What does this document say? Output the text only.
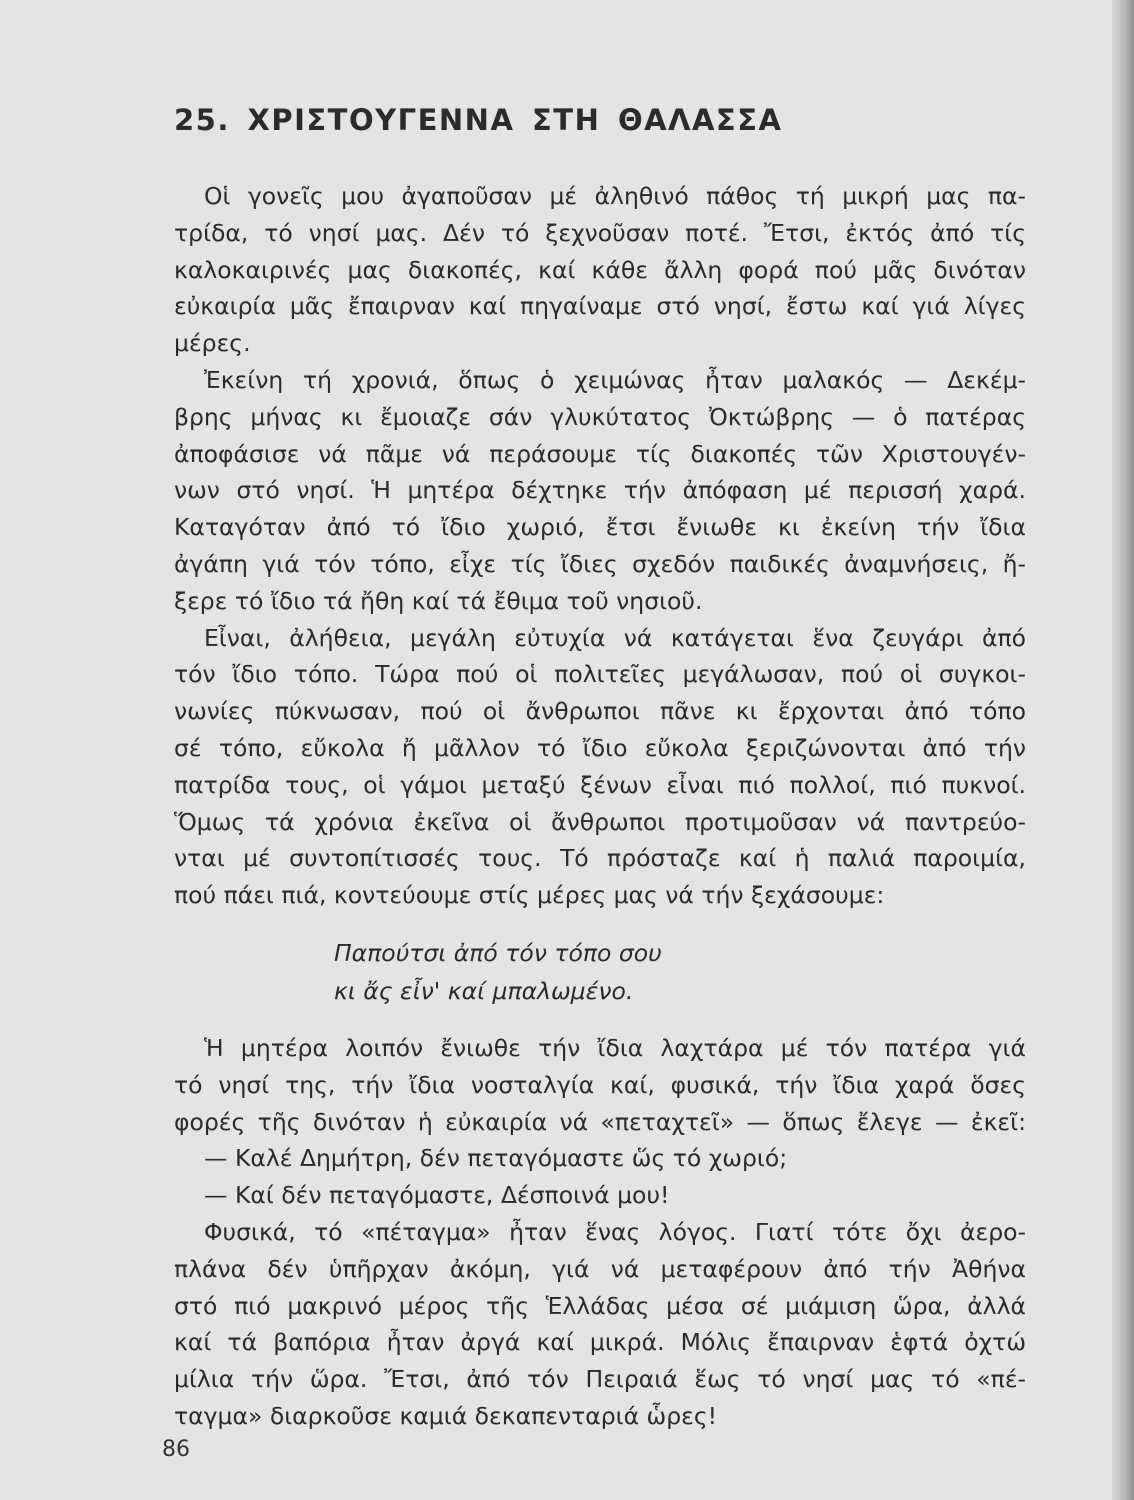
25. ΧΡΙΣΤΟΥΓΕΝΝΑ ΣΤΗ ΘΑΛΑΣΣΑ
Οἱ γονεῖς μου ἀγαποῦσαν μέ ἀληθινό πάθος τή μικρή μας πα-
τρίδα, τό νησί μας. Δέν τό ξεχνοῦσαν ποτέ. Ἔτσι, ἐκτός ἀπό τίς
καλοκαιρινές μας διακοπές, καί κάθε ἄλλη φορά πού μᾶς δινόταν
εὐκαιρία μᾶς ἔπαιρναν καί πηγαίναμε στό νησί, ἔστω καί γιά λίγες
μέρες.
Ἐκείνη τή χρονιά, ὅπως ὁ χειμώνας ἦταν μαλακός — Δεκέμ-
βρης μήνας κι ἔμοιαζε σάν γλυκύτατος Ὀκτώβρης — ὁ πατέρας
ἀποφάσισε νά πᾶμε νά περάσουμε τίς διακοπές τῶν Χριστουγέν-
νων στό νησί. Ἡ μητέρα δέχτηκε τήν ἀπόφαση μέ περισσή χαρά.
Καταγόταν ἀπό τό ἴδιο χωριό, ἔτσι ἔνιωθε κι ἐκείνη τήν ἴδια
ἀγάπη γιά τόν τόπο, εἶχε τίς ἴδιες σχεδόν παιδικές ἀναμνήσεις, ἤ-
ξερε τό ἴδιο τά ἤθη καί τά ἔθιμα τοῦ νησιοῦ.
Εἶναι, ἀλήθεια, μεγάλη εὐτυχία νά κατάγεται ἕνα ζευγάρι ἀπό
τόν ἴδιο τόπο. Τώρα πού οἱ πολιτεῖες μεγάλωσαν, πού οἱ συγκοι-
νωνίες πύκνωσαν, πού οἱ ἄνθρωποι πᾶνε κι ἔρχονται ἀπό τόπο
σέ τόπο, εὔκολα ἤ μᾶλλον τό ἴδιο εὔκολα ξεριζώνονται ἀπό τήν
πατρίδα τους, οἱ γάμοι μεταξύ ξένων εἶναι πιό πολλοί, πιό πυκνοί.
Ὅμως τά χρόνια ἐκεῖνα οἱ ἄνθρωποι προτιμοῦσαν νά παντρεύο-
νται μέ συντοπίτισσές τους. Τό πρόσταζε καί ἡ παλιά παροιμία,
πού πάει πιά, κοντεύουμε στίς μέρες μας νά τήν ξεχάσουμε:
Παπούτσι ἀπό τόν τόπο σου
κι ἄς εἶν' καί μπαλωμένο.
Ἡ μητέρα λοιπόν ἔνιωθε τήν ἴδια λαχτάρα μέ τόν πατέρα γιά
τό νησί της, τήν ἴδια νοσταλγία καί, φυσικά, τήν ἴδια χαρά ὅσες
φορές τῆς δινόταν ἡ εὐκαιρία νά «πεταχτεῖ» — ὅπως ἔλεγε — ἐκεῖ:
— Καλέ Δημήτρη, δέν πεταγόμαστε ὥς τό χωριό;
— Καί δέν πεταγόμαστε, Δέσποινά μου!
Φυσικά, τό «πέταγμα» ἦταν ἕνας λόγος. Γιατί τότε ὄχι ἀερο-
πλάνα δέν ὑπῆρχαν ἀκόμη, γιά νά μεταφέρουν ἀπό τήν Ἀθήνα
στό πιό μακρινό μέρος τῆς Ἑλλάδας μέσα σέ μιάμιση ὥρα, ἀλλά
καί τά βαπόρια ἦταν ἀργά καί μικρά. Μόλις ἔπαιρναν ἑφτά ὀχτώ
μίλια τήν ὥρα. Ἔτσι, ἀπό τόν Πειραιά ἕως τό νησί μας τό «πέ-
ταγμα» διαρκοῦσε καμιά δεκαπενταριά ὧρες!
86
